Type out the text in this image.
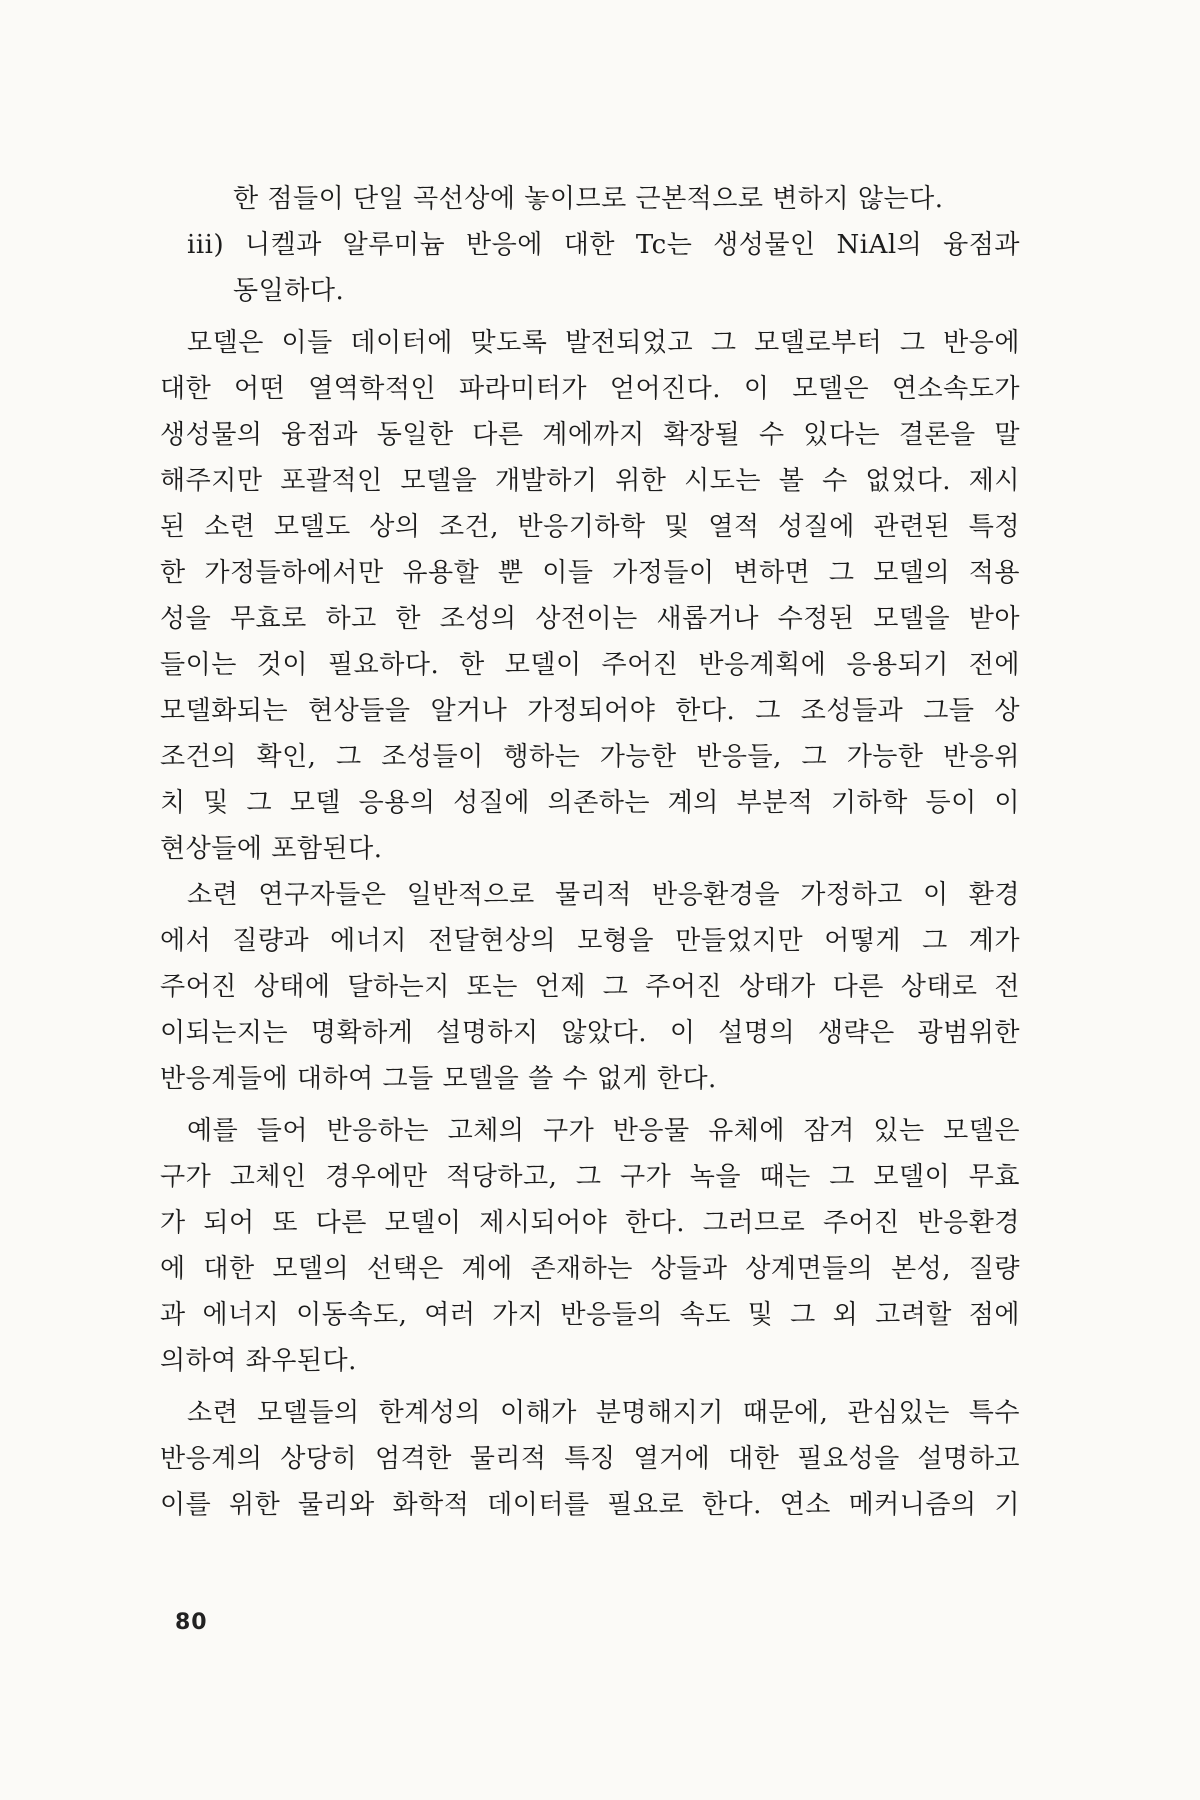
한 점들이 단일 곡선상에 놓이므로 근본적으로 변하지 않는다.
iii) 니켈과 알루미늄 반응에 대한 Tc는 생성물인 NiAl의 융점과
동일하다.
모델은 이들 데이터에 맞도록 발전되었고 그 모델로부터 그 반응에
대한 어떤 열역학적인 파라미터가 얻어진다. 이 모델은 연소속도가
생성물의 융점과 동일한 다른 계에까지 확장될 수 있다는 결론을 말
해주지만 포괄적인 모델을 개발하기 위한 시도는 볼 수 없었다. 제시
된 소련 모델도 상의 조건, 반응기하학 및 열적 성질에 관련된 특정
한 가정들하에서만 유용할 뿐 이들 가정들이 변하면 그 모델의 적용
성을 무효로 하고 한 조성의 상전이는 새롭거나 수정된 모델을 받아
들이는 것이 필요하다. 한 모델이 주어진 반응계획에 응용되기 전에
모델화되는 현상들을 알거나 가정되어야 한다. 그 조성들과 그들 상
조건의 확인, 그 조성들이 행하는 가능한 반응들, 그 가능한 반응위
치 및 그 모델 응용의 성질에 의존하는 계의 부분적 기하학 등이 이
현상들에 포함된다.
소련 연구자들은 일반적으로 물리적 반응환경을 가정하고 이 환경
에서 질량과 에너지 전달현상의 모형을 만들었지만 어떻게 그 계가
주어진 상태에 달하는지 또는 언제 그 주어진 상태가 다른 상태로 전
이되는지는 명확하게 설명하지 않았다. 이 설명의 생략은 광범위한
반응계들에 대하여 그들 모델을 쓸 수 없게 한다.
예를 들어 반응하는 고체의 구가 반응물 유체에 잠겨 있는 모델은
구가 고체인 경우에만 적당하고, 그 구가 녹을 때는 그 모델이 무효
가 되어 또 다른 모델이 제시되어야 한다. 그러므로 주어진 반응환경
에 대한 모델의 선택은 계에 존재하는 상들과 상계면들의 본성, 질량
과 에너지 이동속도, 여러 가지 반응들의 속도 및 그 외 고려할 점에
의하여 좌우된다.
소련 모델들의 한계성의 이해가 분명해지기 때문에, 관심있는 특수
반응계의 상당히 엄격한 물리적 특징 열거에 대한 필요성을 설명하고
이를 위한 물리와 화학적 데이터를 필요로 한다. 연소 메커니즘의 기
80
